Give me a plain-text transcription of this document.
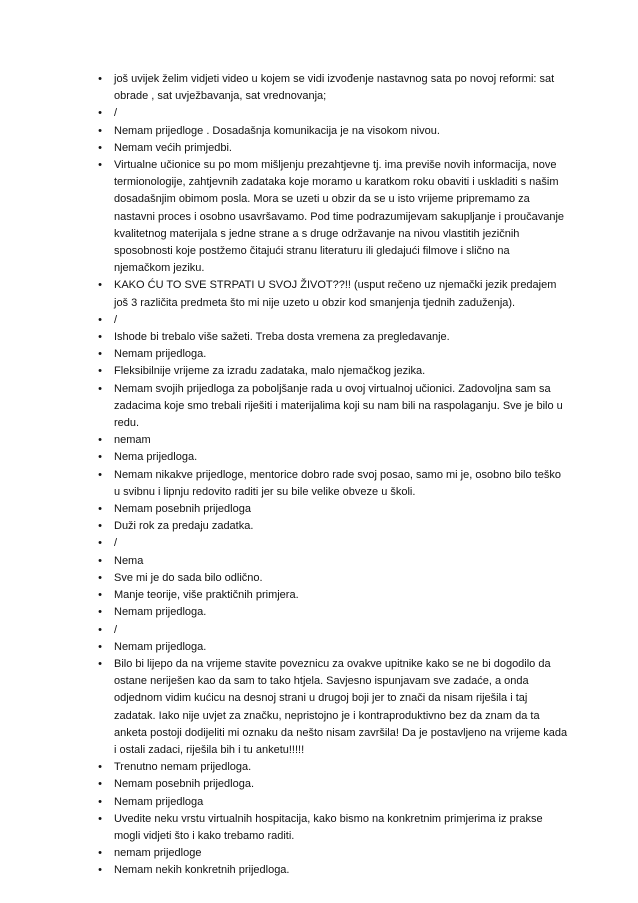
• još uvijek želim vidjeti video u kojem se vidi izvođenje nastavnog sata po novoj reformi: sat obrade , sat uvježbavanja, sat vrednovanja;
• /
• Nemam prijedloge . Dosadašnja komunikacija je na visokom nivou.
• Nemam većih primjedbi.
• Virtualne učionice su po mom mišljenju prezahtjevne tj. ima previše novih informacija, nove termionologije, zahtjevnih zadataka koje moramo u karatkom roku obaviti i uskladiti s našim dosadašnjim obimom posla. Mora se uzeti u obzir da se u isto vrijeme pripremamo za nastavni proces i osobno usavršavamo. Pod time podrazumijevam sakupljanje i proučavanje kvalitetnog materijala s jedne strane a s druge održavanje na nivou vlastitih jezičnih sposobnosti koje postžemo čitajući stranu literaturu ili gledajući filmove i slično na njemačkom jeziku.
• KAKO ĆU TO SVE STRPATI U SVOJ ŽIVOT??!! (usput rečeno uz njemački jezik predajem još 3 različita predmeta što mi nije uzeto u obzir kod smanjenja tjednih zaduženja).
• /
• Ishode bi trebalo više sažeti. Treba dosta vremena za pregledavanje.
• Nemam prijedloga.
• Fleksibilnije vrijeme za izradu zadataka, malo njemačkog jezika.
• Nemam svojih prijedloga za poboljšanje rada u ovoj virtualnoj učionici. Zadovoljna sam sa zadacima koje smo trebali riješiti i materijalima koji su nam bili na raspolaganju. Sve je bilo u redu.
• nemam
• Nema prijedloga.
• Nemam nikakve prijedloge, mentorice dobro rade svoj posao, samo mi je, osobno bilo teško u svibnu i lipnju redovito raditi jer su bile velike obveze u školi.
• Nemam posebnih prijedloga
• Duži rok za predaju zadatka.
• /
• Nema
• Sve mi je do sada bilo odlično.
• Manje teorije, više praktičnih primjera.
• Nemam prijedloga.
• /
• Nemam prijedloga.
• Bilo bi lijepo da na vrijeme stavite poveznicu za ovakve upitnike kako se ne bi dogodilo da ostane neriješen kao da sam to tako htjela. Savjesno ispunjavam sve zadaće, a onda odjednom vidim kućicu na desnoj strani u drugoj boji jer to znači da nisam riješila i taj zadatak. Iako nije uvjet za značku, nepristojno je i kontraproduktivno bez da znam da ta anketa postoji dodijeliti mi oznaku da nešto nisam završila! Da je postavljeno na vrijeme kada i ostali zadaci, riješila bih i tu anketu!!!!!
• Trenutno nemam prijedloga.
• Nemam posebnih prijedloga.
• Nemam prijedloga
• Uvedite neku vrstu virtualnih hospitacija, kako bismo na konkretnim primjerima iz prakse mogli vidjeti što i kako trebamo raditi.
• nemam prijedloge
• Nemam nekih konkretnih prijedloga.
